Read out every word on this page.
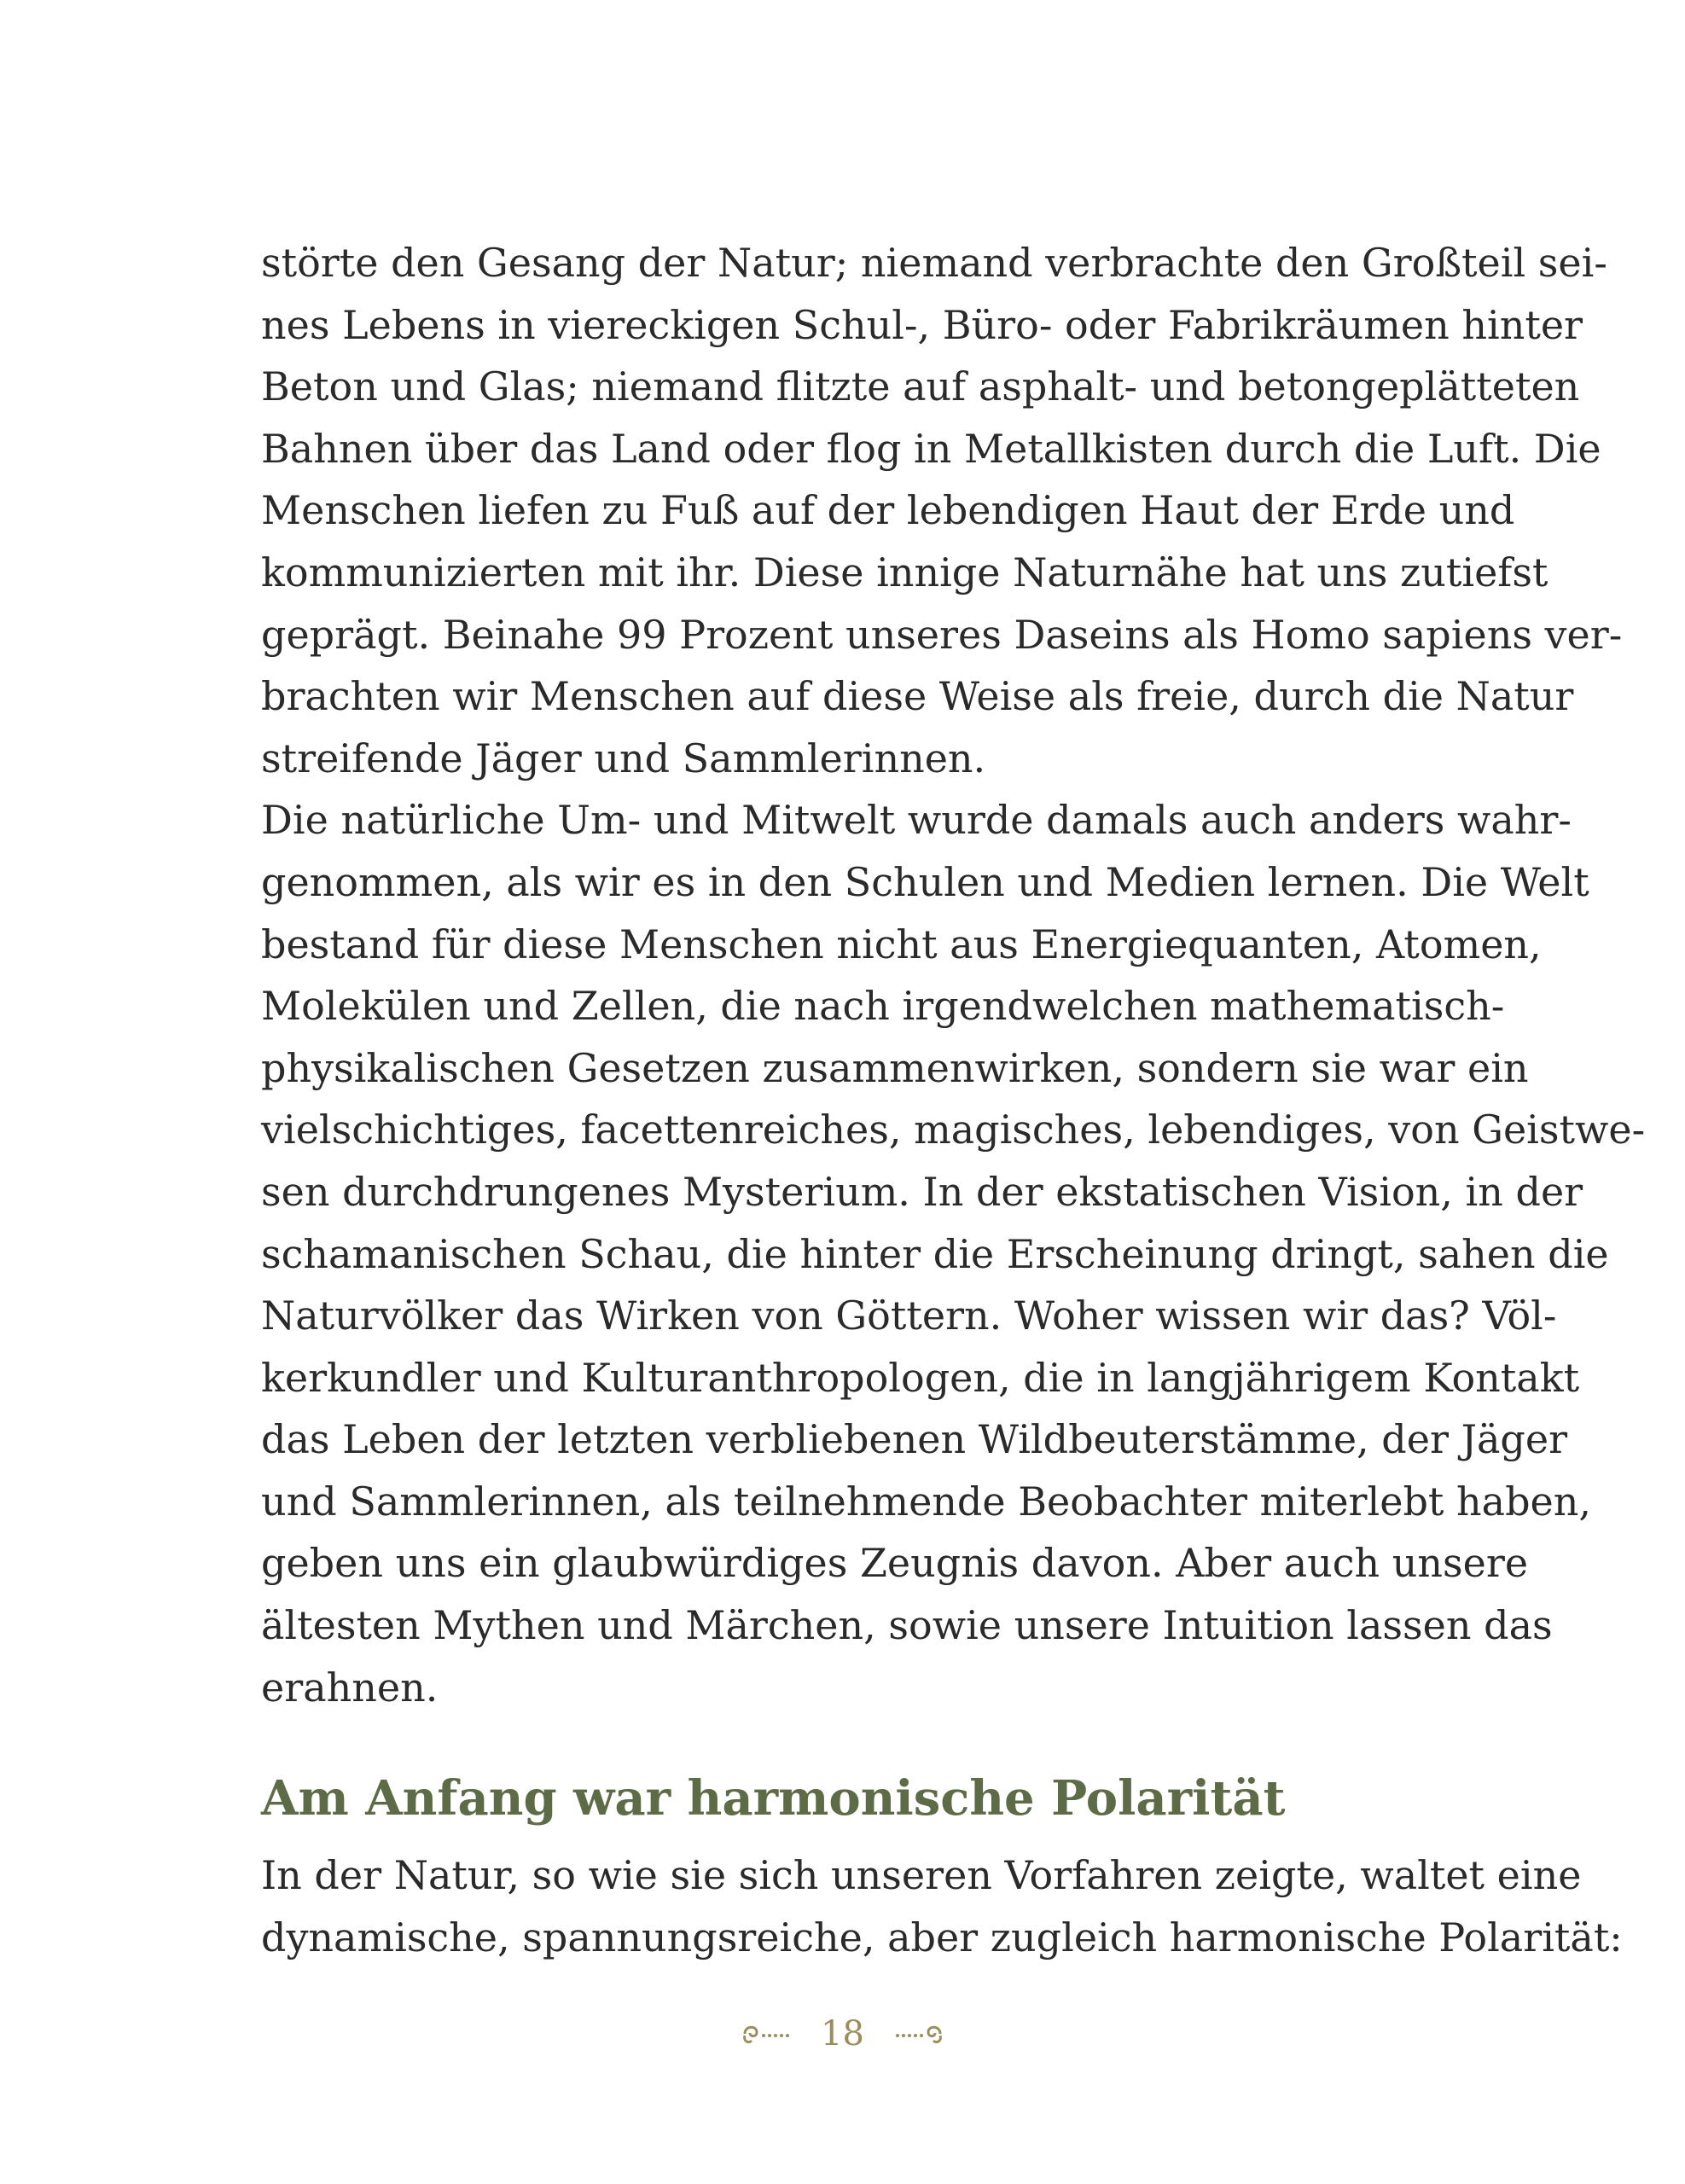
störte den Gesang der Natur; niemand verbrachte den Großteil sei-
nes Lebens in viereckigen Schul-, Büro- oder Fabrikräumen hinter
Beton und Glas; niemand flitzte auf asphalt- und betongeplätteten
Bahnen über das Land oder flog in Metallkisten durch die Luft. Die
Menschen liefen zu Fuß auf der lebendigen Haut der Erde und
kommunizierten mit ihr. Diese innige Naturnähe hat uns zutiefst
geprägt. Beinahe 99 Prozent unseres Daseins als Homo sapiens ver-
brachten wir Menschen auf diese Weise als freie, durch die Natur
streifende Jäger und Sammlerinnen.
Die natürliche Um- und Mitwelt wurde damals auch anders wahr-
genommen, als wir es in den Schulen und Medien lernen. Die Welt
bestand für diese Menschen nicht aus Energiequanten, Atomen,
Molekülen und Zellen, die nach irgendwelchen mathematisch-
physikalischen Gesetzen zusammenwirken, sondern sie war ein
vielschichtiges, facettenreiches, magisches, lebendiges, von Geistwe-
sen durchdrungenes Mysterium. In der ekstatischen Vision, in der
schamanischen Schau, die hinter die Erscheinung dringt, sahen die
Naturvölker das Wirken von Göttern. Woher wissen wir das? Völ-
kerkundler und Kulturanthropologen, die in langjährigem Kontakt
das Leben der letzten verbliebenen Wildbeuterstämme, der Jäger
und Sammlerinnen, als teilnehmende Beobachter miterlebt haben,
geben uns ein glaubwürdiges Zeugnis davon. Aber auch unsere
ältesten Mythen und Märchen, sowie unsere Intuition lassen das
erahnen.
Am Anfang war harmonische Polarität
In der Natur, so wie sie sich unseren Vorfahren zeigte, waltet eine
dynamische, spannungsreiche, aber zugleich harmonische Polarität:
18
